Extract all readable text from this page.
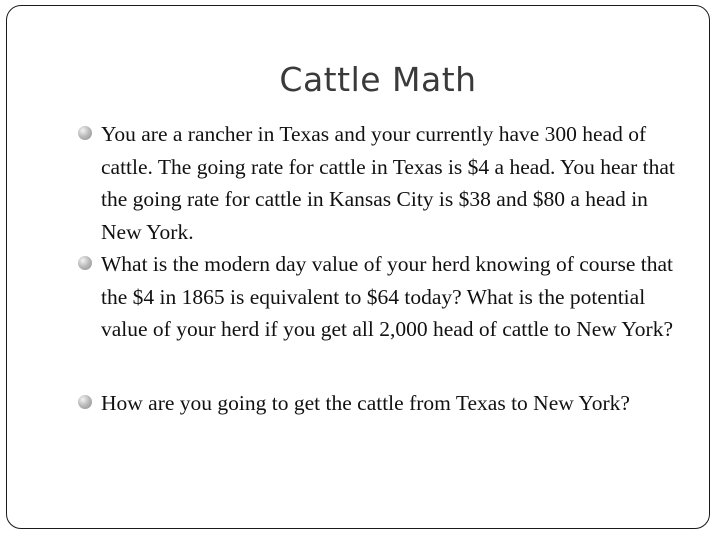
Cattle Math
You are a rancher in Texas and your currently have 300 head of cattle. The going rate for cattle in Texas is $4 a head. You hear that the going rate for cattle in Kansas City is $38 and $80 a head in New York.
What is the modern day value of your herd knowing of course that the $4 in 1865 is equivalent to $64 today? What is the potential value of your herd if you get all 2,000 head of cattle to New York?
How are you going to get the cattle from Texas to New York?
